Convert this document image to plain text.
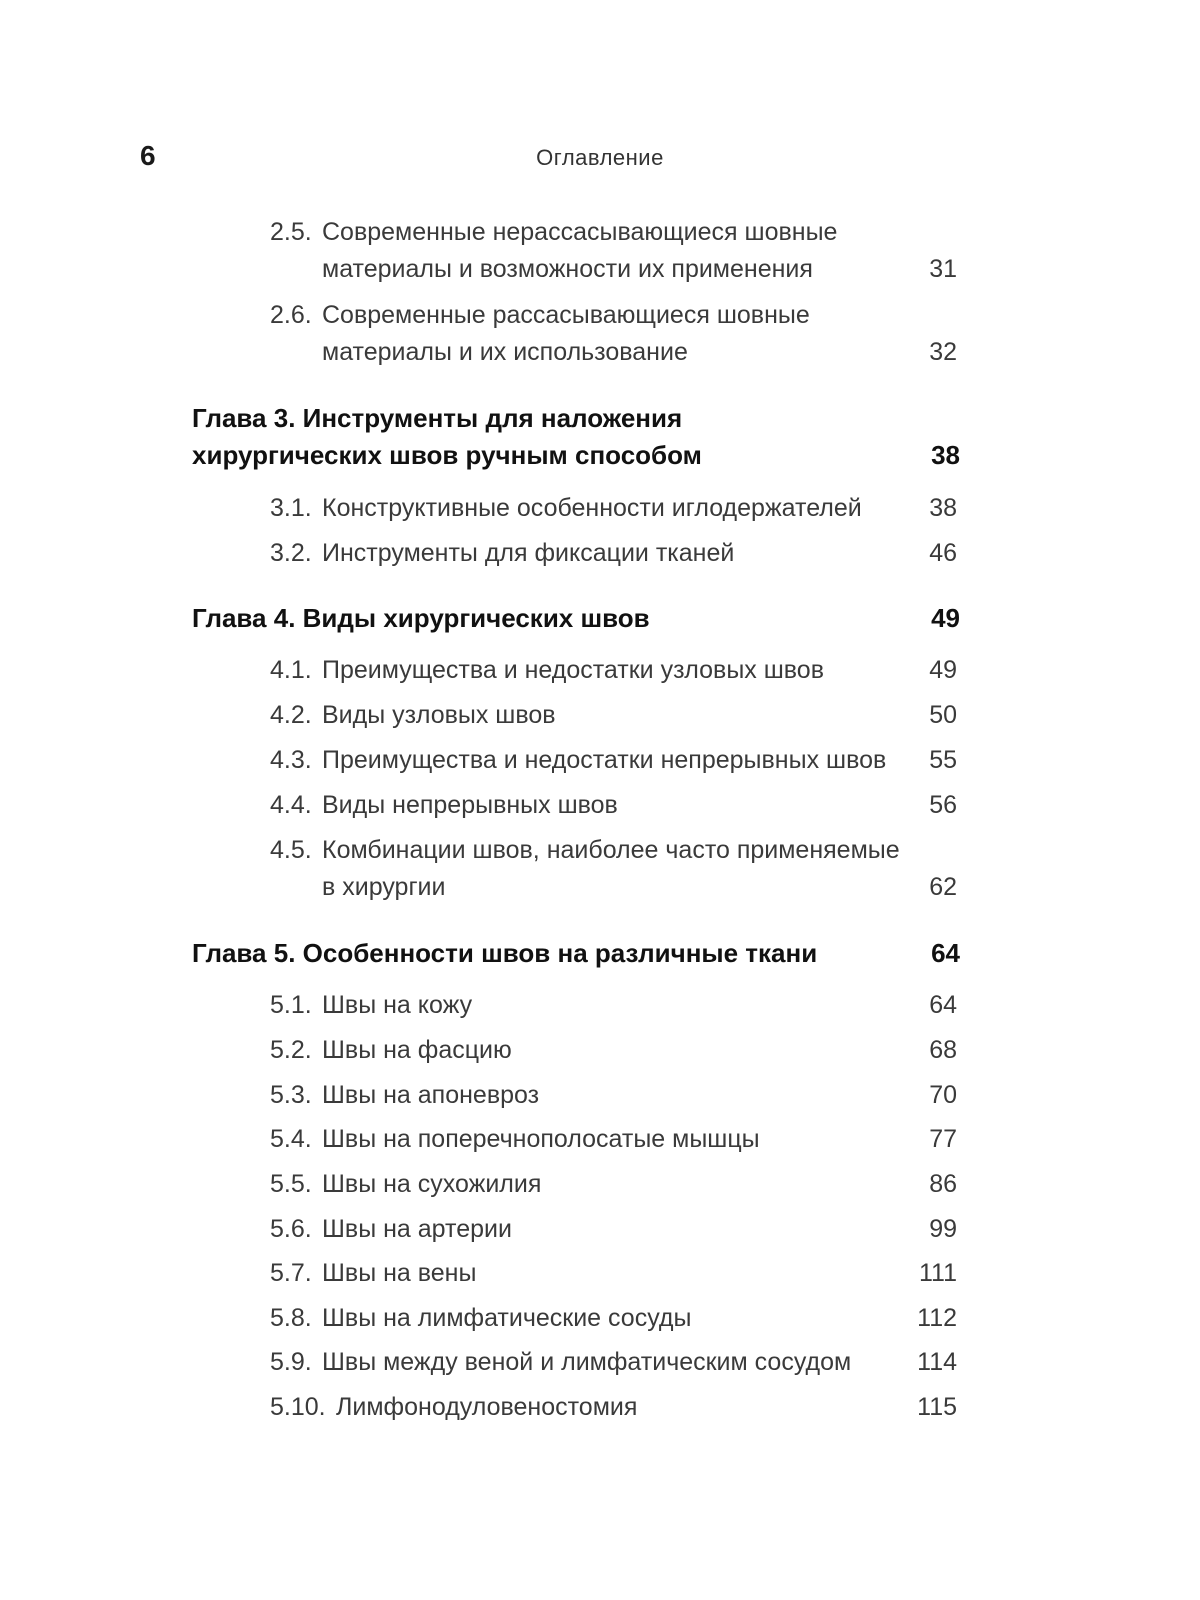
6	Оглавление
2.5. Современные нерассасывающиеся шовные
материалы и возможности их применения	31
2.6. Современные рассасывающиеся шовные
материалы и их использование	32
Глава 3. Инструменты для наложения
хирургических швов ручным способом	38
3.1. Конструктивные особенности иглодержателей	38
3.2. Инструменты для фиксации тканей	46
Глава 4. Виды хирургических швов	49
4.1. Преимущества и недостатки узловых швов	49
4.2. Виды узловых швов	50
4.3. Преимущества и недостатки непрерывных швов 55
4.4. Виды непрерывных швов	56
4.5. Комбинации швов, наиболее часто применяемые
в хирургии	62
Глава 5. Особенности швов на различные ткани	64
5.1. Швы на кожу	64
5.2. Швы на фасцию	68
5.3. Швы на апоневроз	70
5.4. Швы на поперечнополосатые мышцы	77
5.5. Швы на сухожилия	86
5.6. Швы на артерии	99
5.7. Швы на вены	111
5.8. Швы на лимфатические сосуды	112
5.9. Швы между веной и лимфатическим сосудом	114
5.10. Лимфонодуловеностомия	115
